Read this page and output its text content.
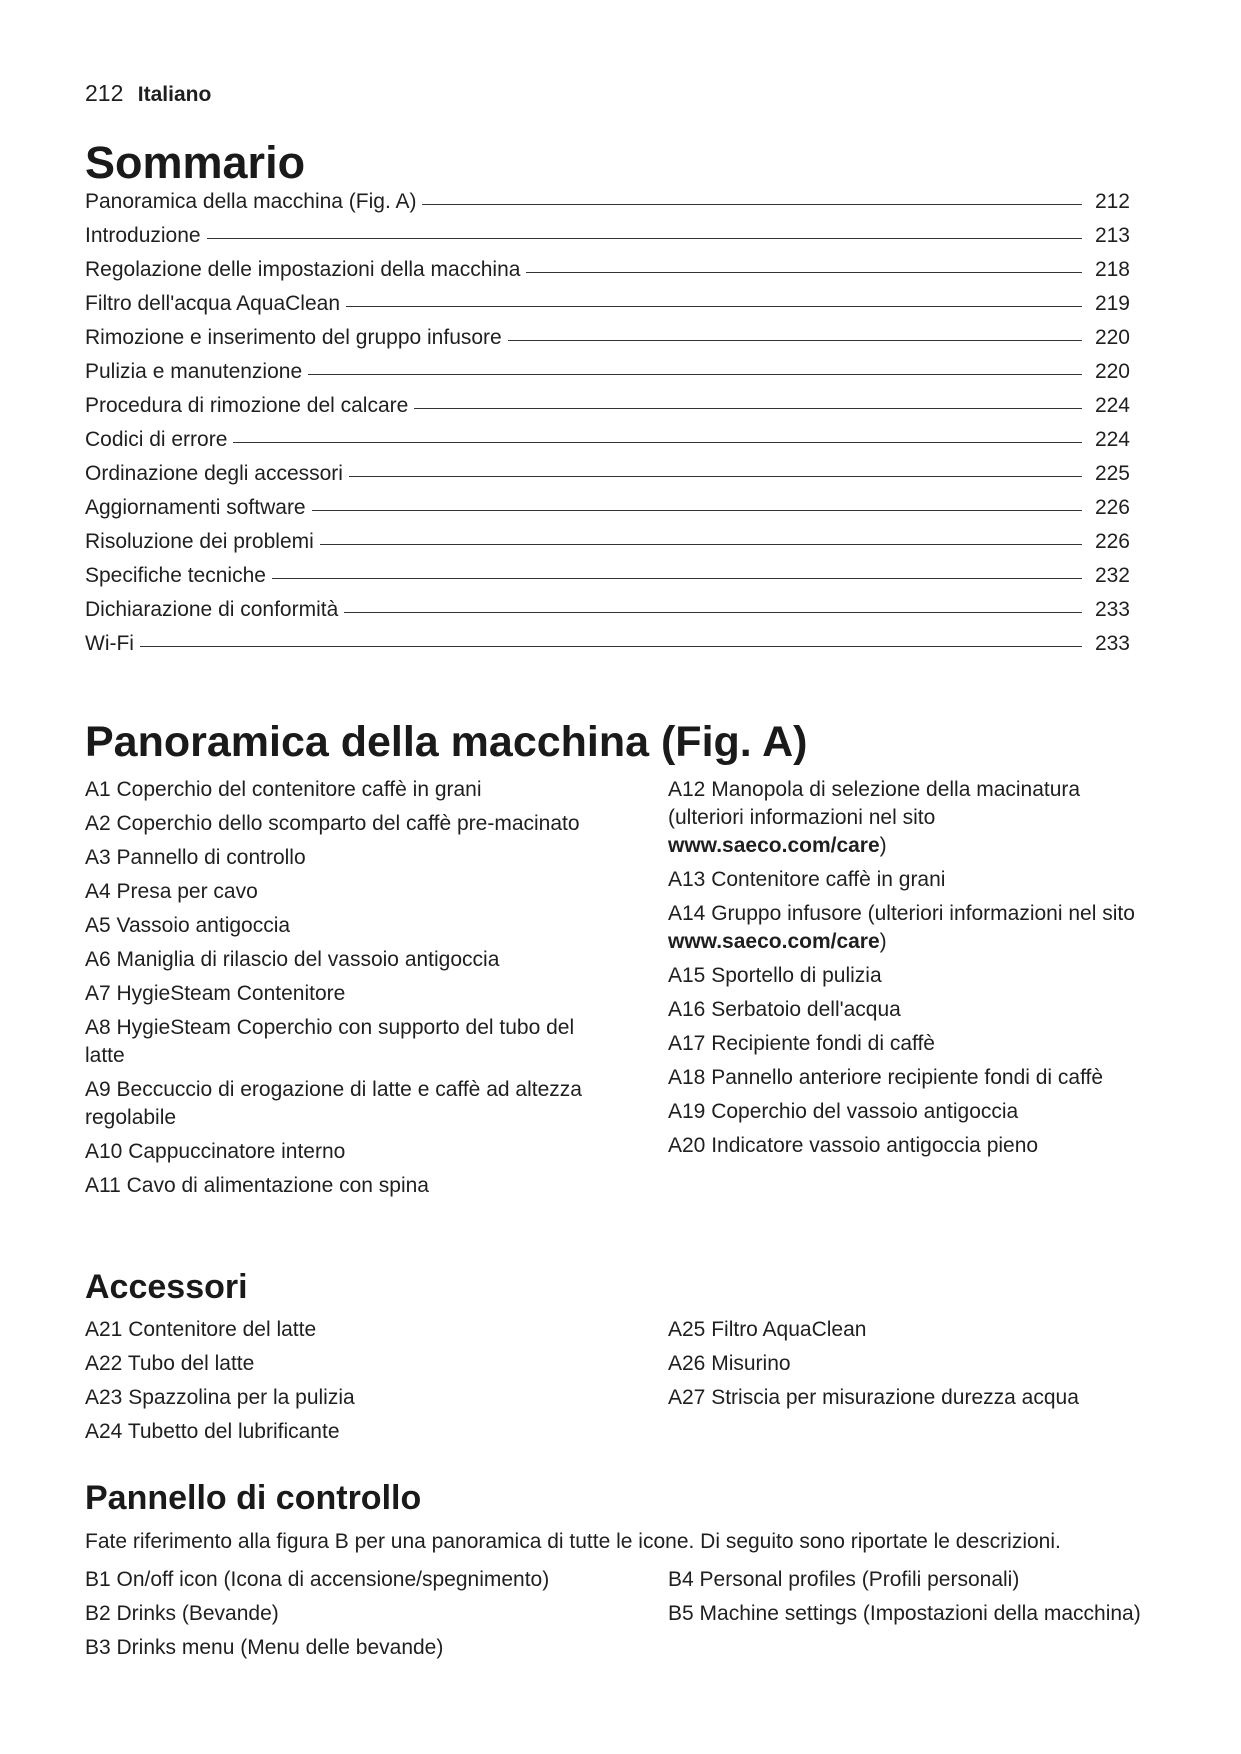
212 Italiano
Sommario
Panoramica della macchina (Fig. A)	212
Introduzione	213
Regolazione delle impostazioni della macchina	218
Filtro dell'acqua AquaClean	219
Rimozione e inserimento del gruppo infusore	220
Pulizia e manutenzione	220
Procedura di rimozione del calcare	224
Codici di errore	224
Ordinazione degli accessori	225
Aggiornamenti software	226
Risoluzione dei problemi	226
Specifiche tecniche	232
Dichiarazione di conformità	233
Wi-Fi	233
Panoramica della macchina (Fig. A)
A1 Coperchio del contenitore caffè in grani
A2 Coperchio dello scomparto del caffè pre-macinato
A3 Pannello di controllo
A4 Presa per cavo
A5 Vassoio antigoccia
A6 Maniglia di rilascio del vassoio antigoccia
A7 HygieSteam Contenitore
A8 HygieSteam Coperchio con supporto del tubo del latte
A9 Beccuccio di erogazione di latte e caffè ad altezza regolabile
A10 Cappuccinatore interno
A11 Cavo di alimentazione con spina
A12 Manopola di selezione della macinatura (ulteriori informazioni nel sito www.saeco.com/care)
A13 Contenitore caffè in grani
A14 Gruppo infusore (ulteriori informazioni nel sito www.saeco.com/care)
A15 Sportello di pulizia
A16 Serbatoio dell'acqua
A17 Recipiente fondi di caffè
A18 Pannello anteriore recipiente fondi di caffè
A19 Coperchio del vassoio antigoccia
A20 Indicatore vassoio antigoccia pieno
Accessori
A21 Contenitore del latte
A22 Tubo del latte
A23 Spazzolina per la pulizia
A24 Tubetto del lubrificante
A25 Filtro AquaClean
A26 Misurino
A27 Striscia per misurazione durezza acqua
Pannello di controllo
Fate riferimento alla figura B per una panoramica di tutte le icone. Di seguito sono riportate le descrizioni.
B1 On/off icon (Icona di accensione/spegnimento)
B2 Drinks (Bevande)
B3 Drinks menu (Menu delle bevande)
B4 Personal profiles (Profili personali)
B5 Machine settings (Impostazioni della macchina)
